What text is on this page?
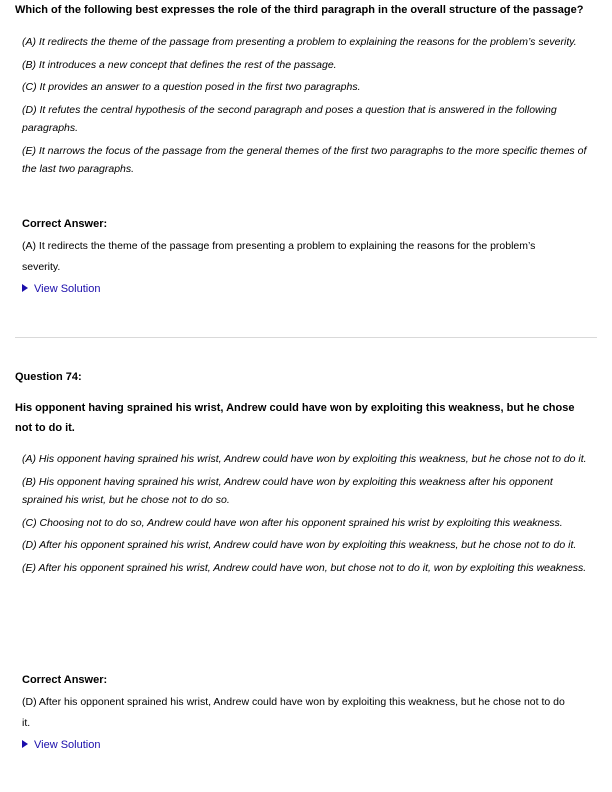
Which of the following best expresses the role of the third paragraph in the overall structure of the passage?
(A) It redirects the theme of the passage from presenting a problem to explaining the reasons for the problem’s severity.
(B) It introduces a new concept that defines the rest of the passage.
(C) It provides an answer to a question posed in the first two paragraphs.
(D) It refutes the central hypothesis of the second paragraph and poses a question that is answered in the following paragraphs.
(E) It narrows the focus of the passage from the general themes of the first two paragraphs to the more specific themes of the last two paragraphs.
Correct Answer:
(A) It redirects the theme of the passage from presenting a problem to explaining the reasons for the problem’s severity.
View Solution
Question 74:
His opponent having sprained his wrist, Andrew could have won by exploiting this weakness, but he chose not to do it.
(A) His opponent having sprained his wrist, Andrew could have won by exploiting this weakness, but he chose not to do it.
(B) His opponent having sprained his wrist, Andrew could have won by exploiting this weakness after his opponent sprained his wrist, but he chose not to do so.
(C) Choosing not to do so, Andrew could have won after his opponent sprained his wrist by exploiting this weakness.
(D) After his opponent sprained his wrist, Andrew could have won by exploiting this weakness, but he chose not to do it.
(E) After his opponent sprained his wrist, Andrew could have won, but chose not to do it, won by exploiting this weakness.
Correct Answer:
(D) After his opponent sprained his wrist, Andrew could have won by exploiting this weakness, but he chose not to do it.
View Solution
